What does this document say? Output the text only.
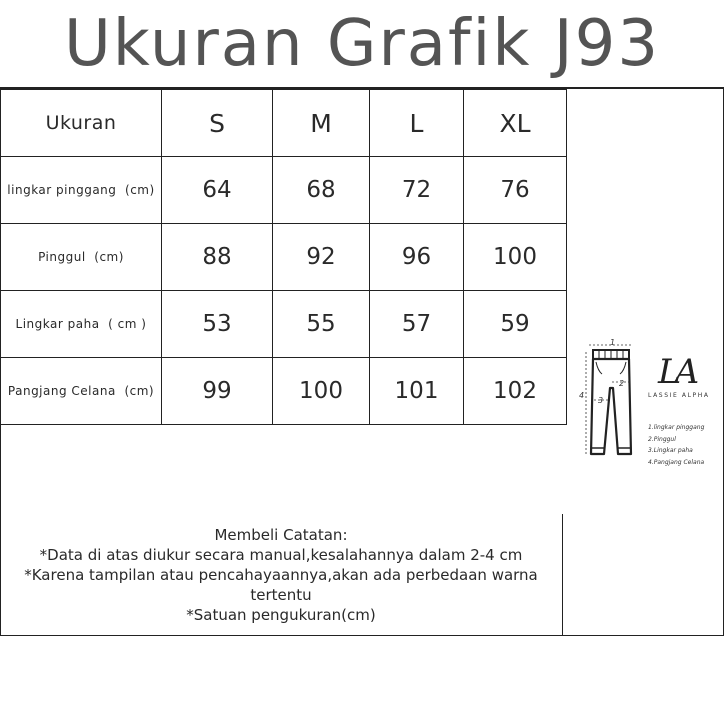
Ukuran Grafik J93
Ukuran	S	M	L	XL
lingkar pinggang  (cm)	64	68	72	76
Pinggul  (cm)	88	92	96	100
Lingkar paha  ( cm )	53	55	57	59
Pangjang Celana  (cm)	99	100	101	102
Membeli Catatan:
*Data di atas diukur secara manual,kesalahannya dalam 2-4 cm
*Karena tampilan atau pencahayaannya,akan ada perbedaan warna
tertentu
*Satuan pengukuran(cm)
1
2
3
4
LA
LASSIE ALPHA
1.lingkar pinggang
2.Pinggul
3.Lingkar paha
4.Pangjang Celana
